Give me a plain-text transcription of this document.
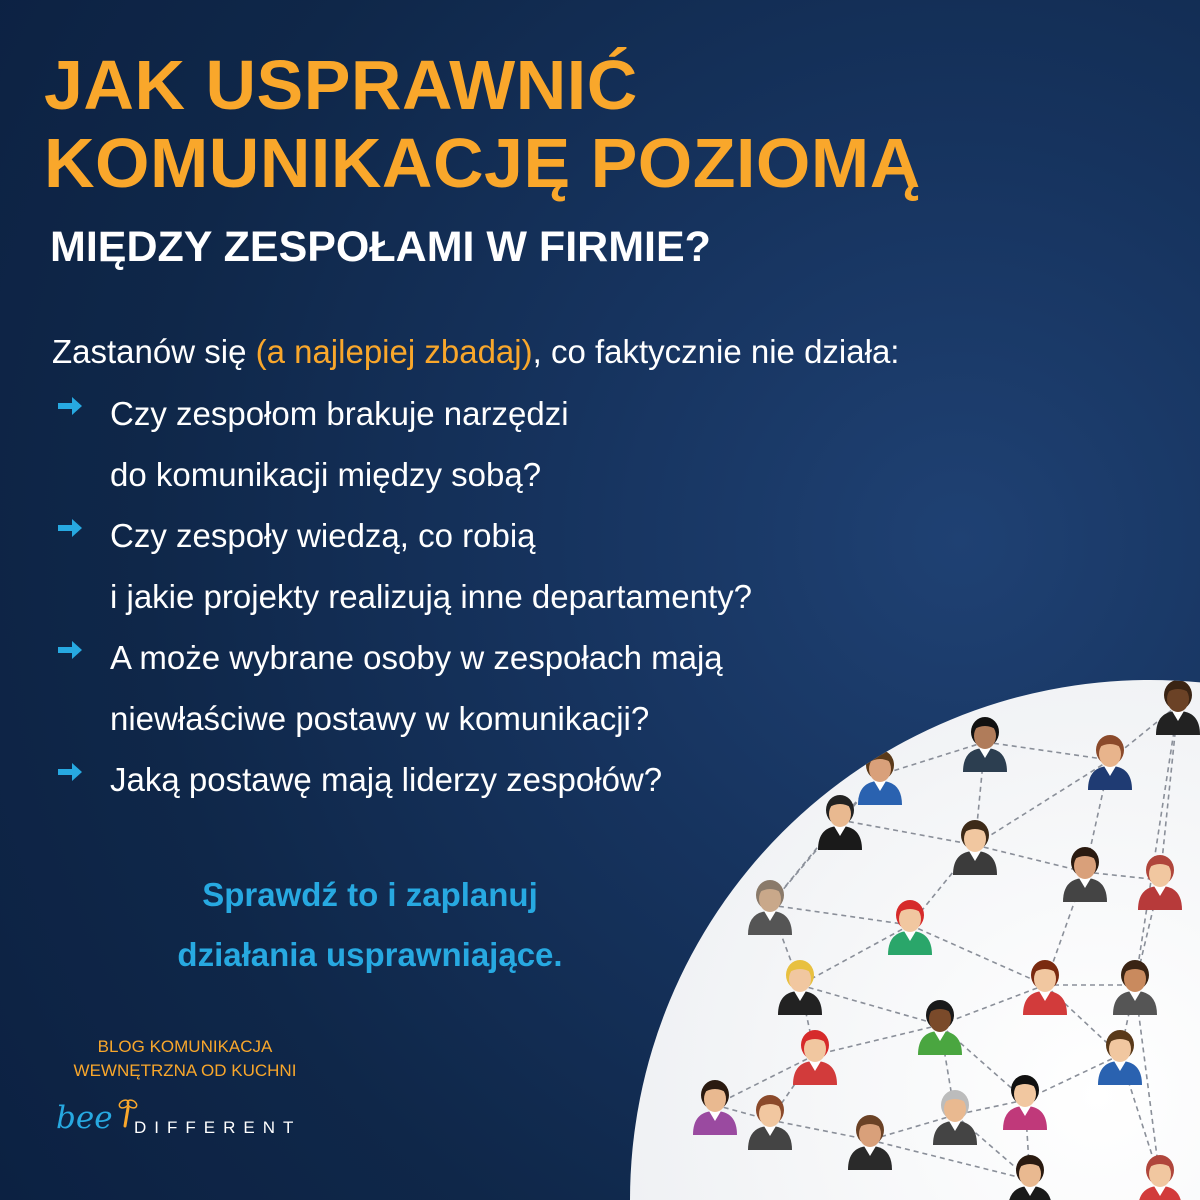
JAK USPRAWNIĆ
KOMUNIKACJĘ POZIOMĄ
MIĘDZY ZESPOŁAMI W FIRMIE?
Zastanów się (a najlepiej zbadaj), co faktycznie nie działa:
Czy zespołom brakuje narzędzi
do komunikacji między sobą?
Czy zespoły wiedzą, co robią
i jakie projekty realizują inne departamenty?
A może wybrane osoby w zespołach mają
niewłaściwe postawy w komunikacji?
Jaką postawę mają liderzy zespołów?
Sprawdź to i zaplanuj
działania usprawniające.
BLOG KOMUNIKACJA
WEWNĘTRZNA OD KUCHNI
bee DIFFERENT
